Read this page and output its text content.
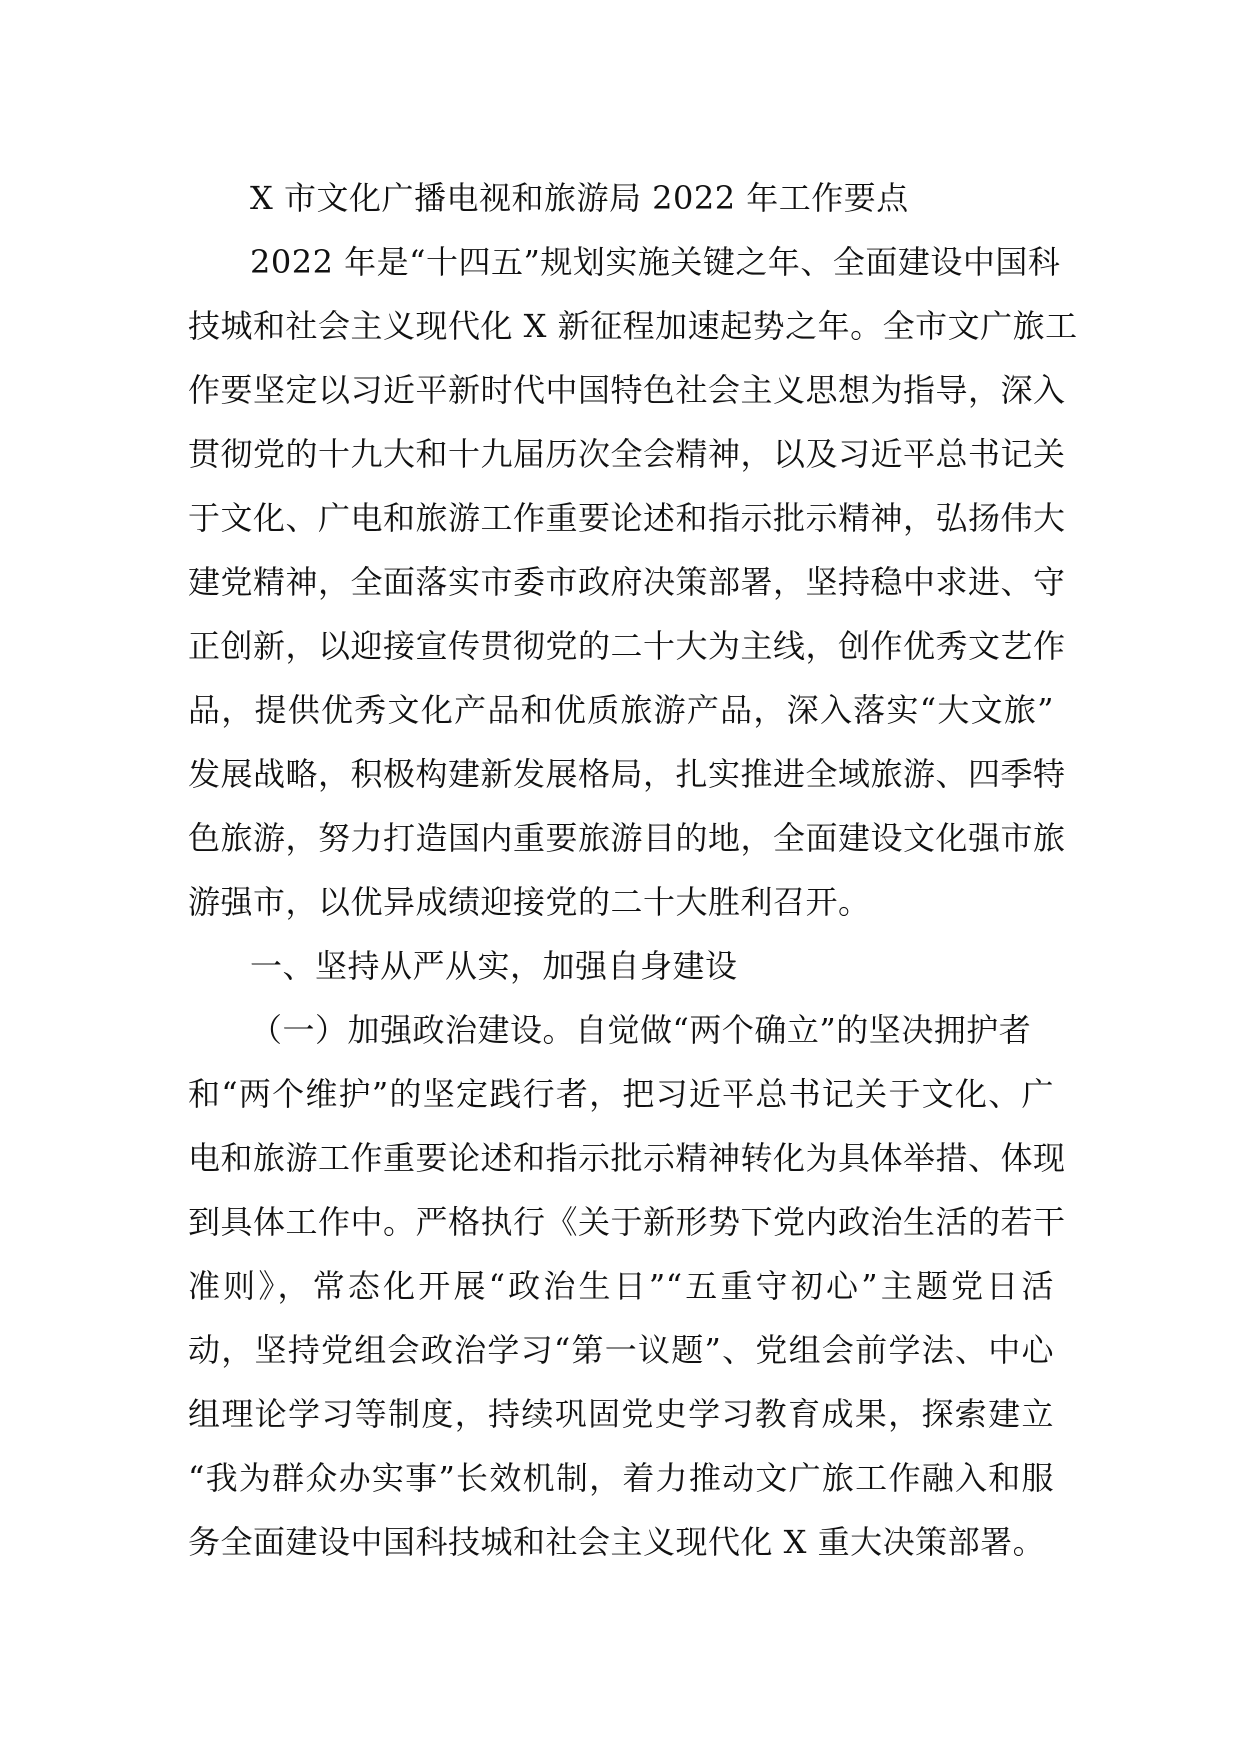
X 市文化广播电视和旅游局 2022 年工作要点
2022 年是“十四五”规划实施关键之年、全面建设中国科
技城和社会主义现代化 X 新征程加速起势之年。全市文广旅工
作要坚定以习近平新时代中国特色社会主义思想为指导，深入
贯彻党的十九大和十九届历次全会精神，以及习近平总书记关
于文化、广电和旅游工作重要论述和指示批示精神，弘扬伟大
建党精神，全面落实市委市政府决策部署，坚持稳中求进、守
正创新，以迎接宣传贯彻党的二十大为主线，创作优秀文艺作
品，提供优秀文化产品和优质旅游产品，深入落实“大文旅”
发展战略，积极构建新发展格局，扎实推进全域旅游、四季特
色旅游，努力打造国内重要旅游目的地，全面建设文化强市旅
游强市，以优异成绩迎接党的二十大胜利召开。
一、坚持从严从实，加强自身建设
（一）加强政治建设。自觉做“两个确立”的坚决拥护者
和“两个维护”的坚定践行者，把习近平总书记关于文化、广
电和旅游工作重要论述和指示批示精神转化为具体举措、体现
到具体工作中。严格执行《关于新形势下党内政治生活的若干
准则》，常态化开展“政治生日”“五重守初心”主题党日活
动，坚持党组会政治学习“第一议题”、党组会前学法、中心
组理论学习等制度，持续巩固党史学习教育成果，探索建立
“我为群众办实事”长效机制，着力推动文广旅工作融入和服
务全面建设中国科技城和社会主义现代化 X 重大决策部署。
